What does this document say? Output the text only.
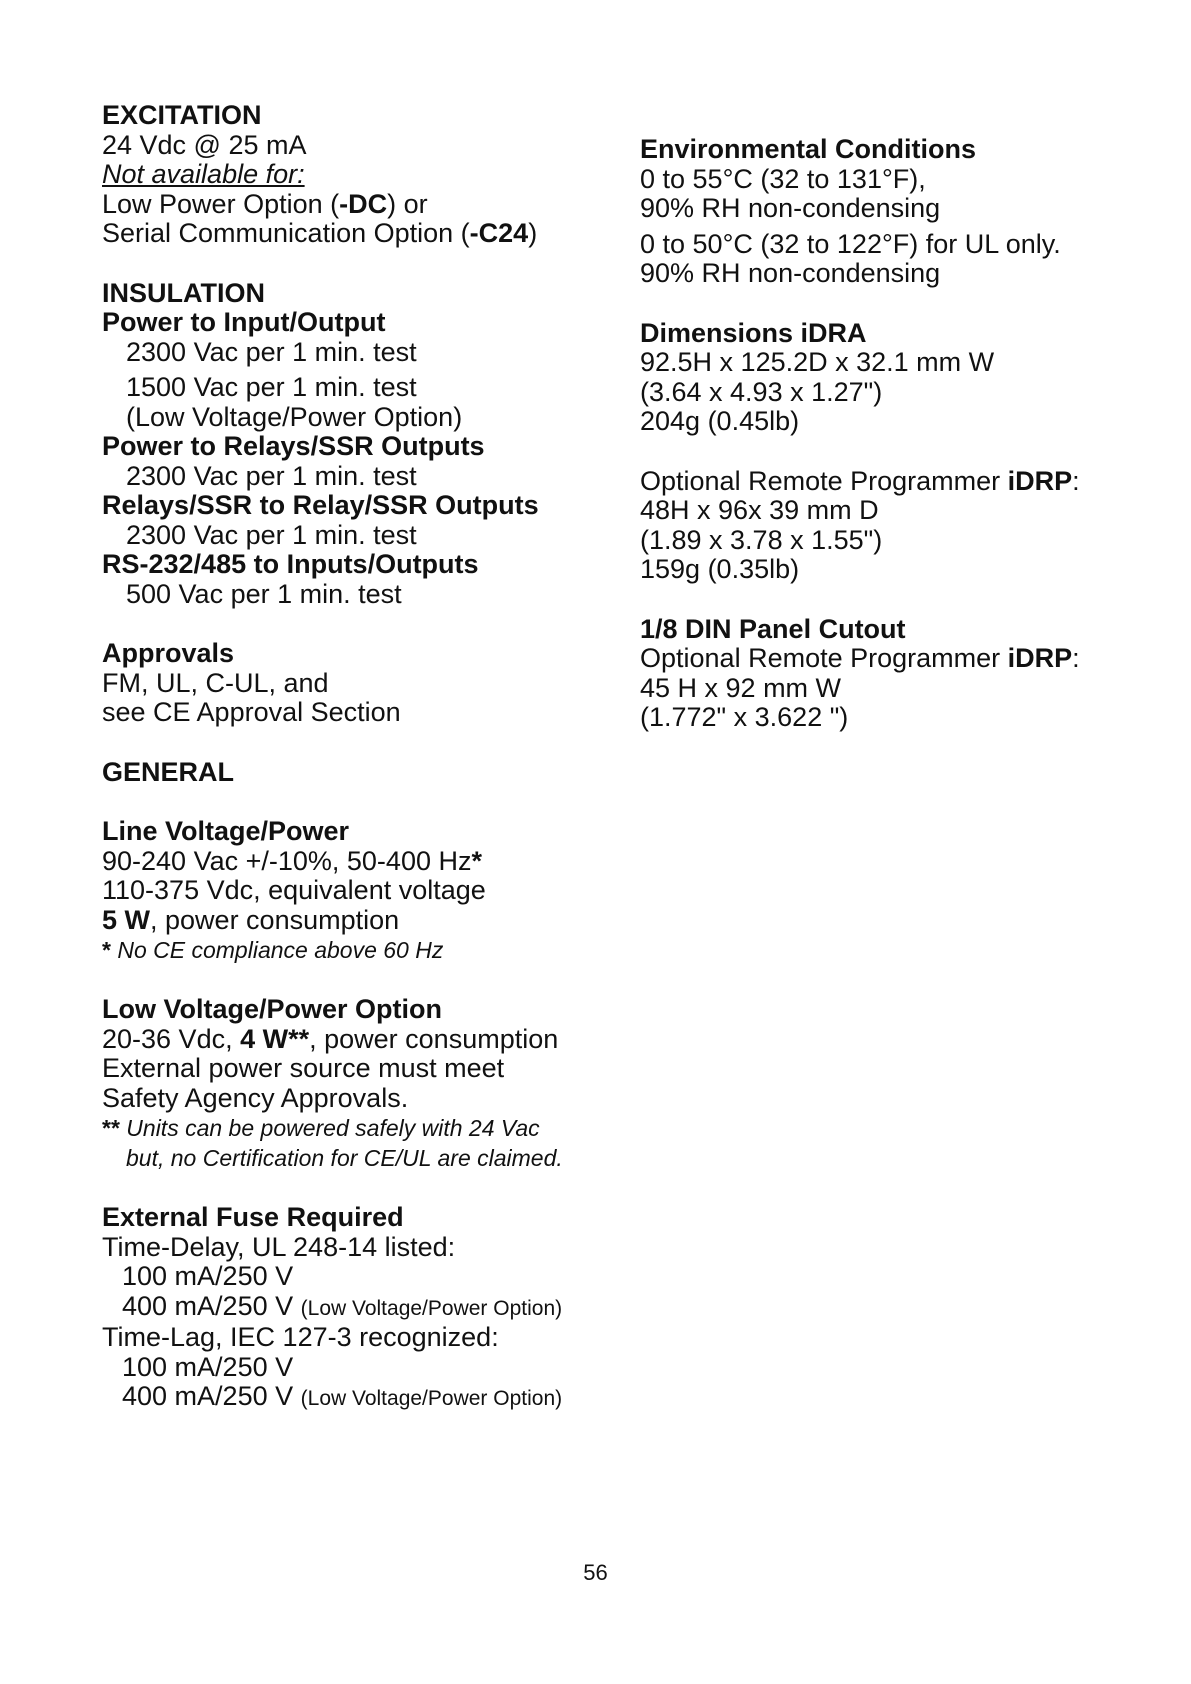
EXCITATION
24 Vdc @ 25 mA
Not available for:
Low Power Option (-DC) or
Serial Communication Option (-C24)
INSULATION
Power to Input/Output
2300 Vac per 1 min. test
1500 Vac per 1 min. test
(Low Voltage/Power Option)
Power to Relays/SSR Outputs
2300 Vac per 1 min. test
Relays/SSR to Relay/SSR Outputs
2300 Vac per 1 min. test
RS-232/485 to Inputs/Outputs
500 Vac per 1 min. test
Approvals
FM, UL, C-UL, and
see CE Approval Section
GENERAL
Line Voltage/Power
90-240 Vac +/-10%, 50-400 Hz*
110-375 Vdc, equivalent voltage
5 W, power consumption
* No CE compliance above 60 Hz
Low Voltage/Power Option
20-36 Vdc, 4 W**, power consumption
External power source must meet
Safety Agency Approvals.
** Units can be powered safely with 24 Vac
but, no Certification for CE/UL are claimed.
External Fuse Required
Time-Delay, UL 248-14 listed:
100 mA/250 V
400 mA/250 V (Low Voltage/Power Option)
Time-Lag, IEC 127-3 recognized:
100 mA/250 V
400 mA/250 V (Low Voltage/Power Option)
Environmental Conditions
0 to 55°C (32 to 131°F),
90% RH non-condensing
0 to 50°C (32 to 122°F) for UL only.
90% RH non-condensing
Dimensions iDRA
92.5H x 125.2D x 32.1 mm W
(3.64 x 4.93 x 1.27")
204g (0.45lb)
Optional Remote Programmer iDRP:
48H x 96x 39 mm D
(1.89 x 3.78 x 1.55")
159g (0.35lb)
1/8 DIN Panel Cutout
Optional Remote Programmer iDRP:
45 H x 92 mm W
(1.772" x 3.622 ")
56
